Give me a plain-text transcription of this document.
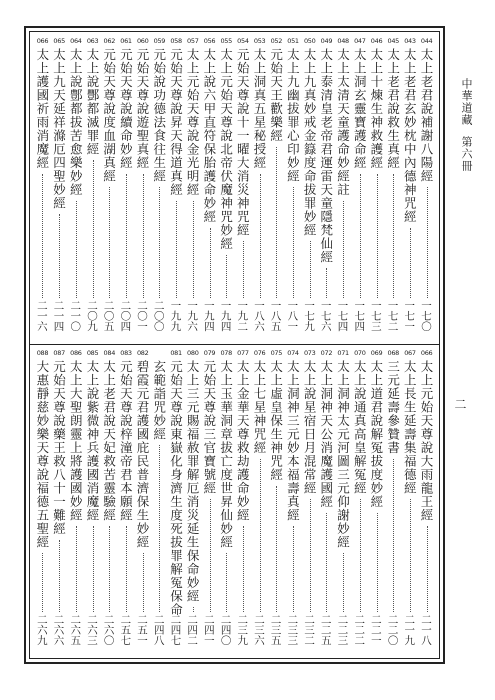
044
太上老君說補謝八陽經
一七〇
043
太上老君玄妙枕中內德神咒經
一七一
045
太上老君說救生真經
一七二
046
太上十煉生神救護經
一七三
047
太上洞玄靈寶護命經
一七四
048
太上太清天童護命妙經註
一七四
049
太上泰清皇老帝君運雷天童隱梵仙經
一七六
050
太上九真妙戒金籙度命拔罪妙經
一七九
051
太上九幽拔罪心印妙經
一八一
052
元始天王歡樂經
一八五
053
太上洞真五星秘授經
一八六
054
元始天尊說十一曜大消災神咒經
一九二
055
太上元始天尊說北帝伏魔神咒妙經
一九四
056
太上說六甲直符保胎護命妙經
一九四
057
太上元始天尊說金光明經
一九六
058
元始天尊說昇天得道真經
一九九
059
元始說功德法食往生經
二〇〇
060
元始天尊說遊聖真經
二〇一
061
元始天尊說續命妙經
二〇四
062
元始天尊說度血湖真經
二〇五
063
太上說酆都滅罪經
二〇九
064
太上說鄷都拔苦愈樂妙經
二一〇
065
太上九天延祥滌厄四聖妙經
二一四
066
太上護國祈雨消魔經
二一六
066
太上元始天尊說大雨龍王經
二一八
067
太上長生延壽集福德經
二一九
068
三元延壽參贊書
二二〇
069
太上道君說解冤拔度妙經
二二一
070
太上說通真高皇解冤經
二二二
071
太上洞神太元河圖三元仰謝妙經
二二三
072
太上洞神天公消魔護國經
二二五
073
太上說星宿日月混常經
二三二
074
太上洞神三元妙本福壽真經
二三三
075
太上虛皇保生神咒經
二三五
076
太上七星神咒經
二三六
077
太上金華天尊救劫護命妙經
二三九
078
太上玉華洞章拔亡度世昇仙妙經
二四〇
079
元始天尊說三官寶號經
二四一
080
太上三元賜福赦罪解厄消災延生保命妙經
二四二
081
元始天尊說東嶽化身濟生度死拔罪解冤保命
二四七
玄範詣咒妙經
二四八
082
碧霞元君護國庇民普濟保生妙經
二五一
083
元始天尊說梓潼帝君本願經
二五七
084
太上老君說天妃救苦靈驗經
二六〇
085
太上說紫微神兵護國消魔經
二六三
086
太上大聖朗靈上將護國妙經
二六五
087
元始天尊說藥王救八十一難經
二六六
088
大惠靜慈妙樂天尊說福德五聖經
二六九
中華道藏第六冊
二
